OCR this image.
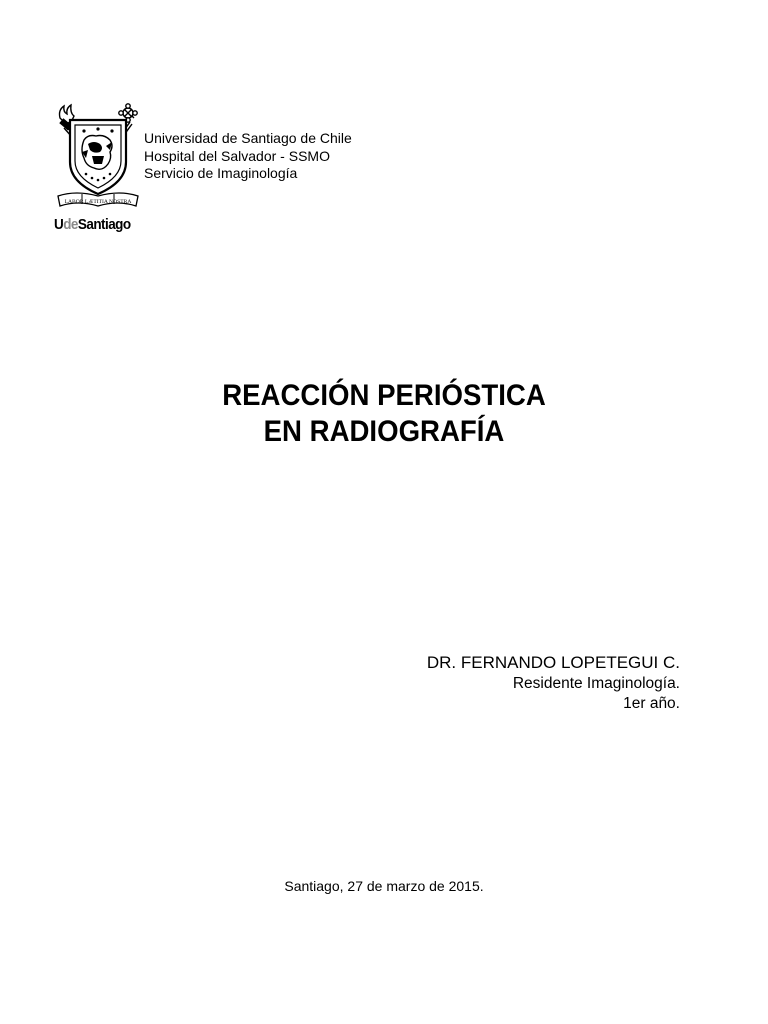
LABOR LÆTITIA NOSTRA
UdeSantiago
Universidad de Santiago de Chile
Hospital del Salvador - SSMO
Servicio de Imaginología
REACCIÓN PERIÓSTICA
EN RADIOGRAFÍA
DR. FERNANDO LOPETEGUI C.
Residente Imaginología.
1er año.
Santiago, 27 de marzo de 2015.
